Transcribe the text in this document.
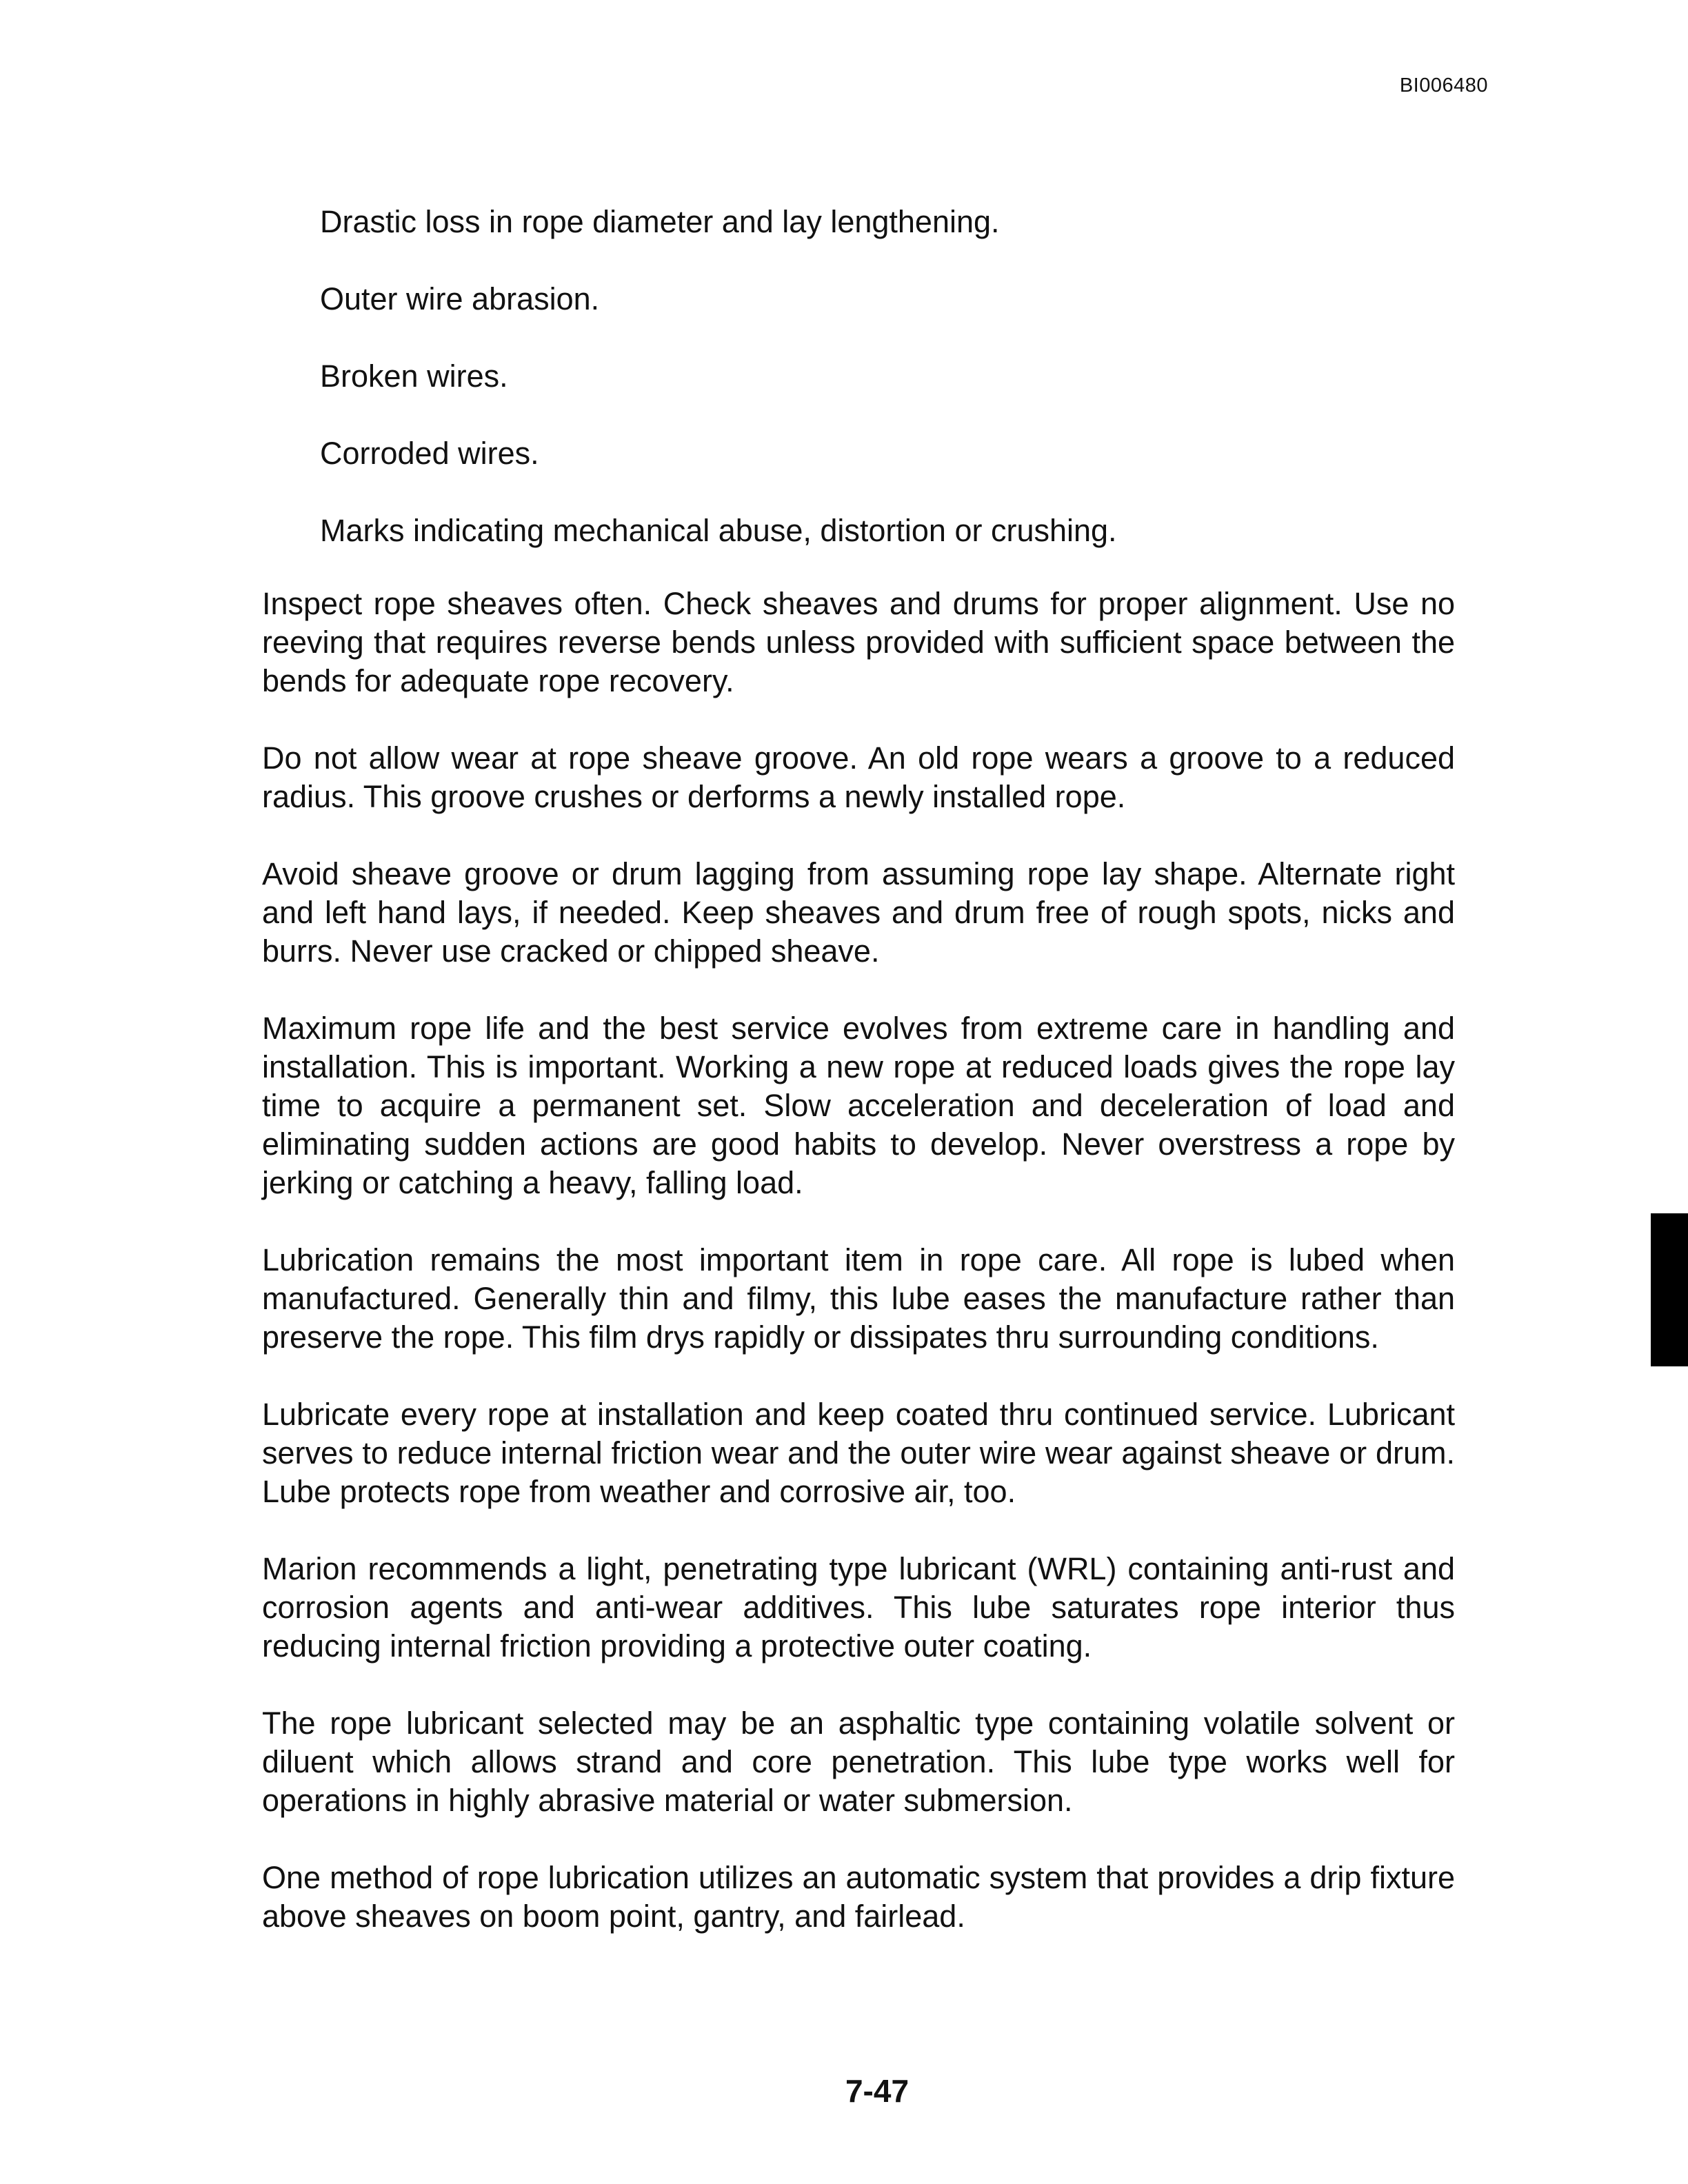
BI006480

Drastic loss in rope diameter and lay lengthening.

Outer wire abrasion.

Broken wires.

Corroded wires.

Marks indicating mechanical abuse, distortion or crushing.

Inspect rope sheaves often. Check sheaves and drums for proper alignment. Use no reeving that requires reverse bends unless provided with sufficient space between the bends for adequate rope recovery.

Do not allow wear at rope sheave groove. An old rope wears a groove to a reduced radius. This groove crushes or derforms a newly installed rope.

Avoid sheave groove or drum lagging from assuming rope lay shape. Alternate right and left hand lays, if needed. Keep sheaves and drum free of rough spots, nicks and burrs. Never use cracked or chipped sheave.

Maximum rope life and the best service evolves from extreme care in handling and installation. This is important. Working a new rope at reduced loads gives the rope lay time to acquire a permanent set. Slow acceleration and deceleration of load and eliminating sudden actions are good habits to develop. Never overstress a rope by jerking or catching a heavy, falling load.

Lubrication remains the most important item in rope care. All rope is lubed when manufactured. Generally thin and filmy, this lube eases the manufacture rather than preserve the rope. This film drys rapidly or dissipates thru surrounding conditions.

Lubricate every rope at installation and keep coated thru continued service. Lubricant serves to reduce internal friction wear and the outer wire wear against sheave or drum. Lube protects rope from weather and corrosive air, too.

Marion recommends a light, penetrating type lubricant (WRL) containing anti-rust and corrosion agents and anti-wear additives. This lube saturates rope interior thus reducing internal friction providing a protective outer coating.

The rope lubricant selected may be an asphaltic type containing volatile solvent or diluent which allows strand and core penetration. This lube type works well for operations in highly abrasive material or water submersion.

One method of rope lubrication utilizes an automatic system that provides a drip fixture above sheaves on boom point, gantry, and fairlead.

7-47
